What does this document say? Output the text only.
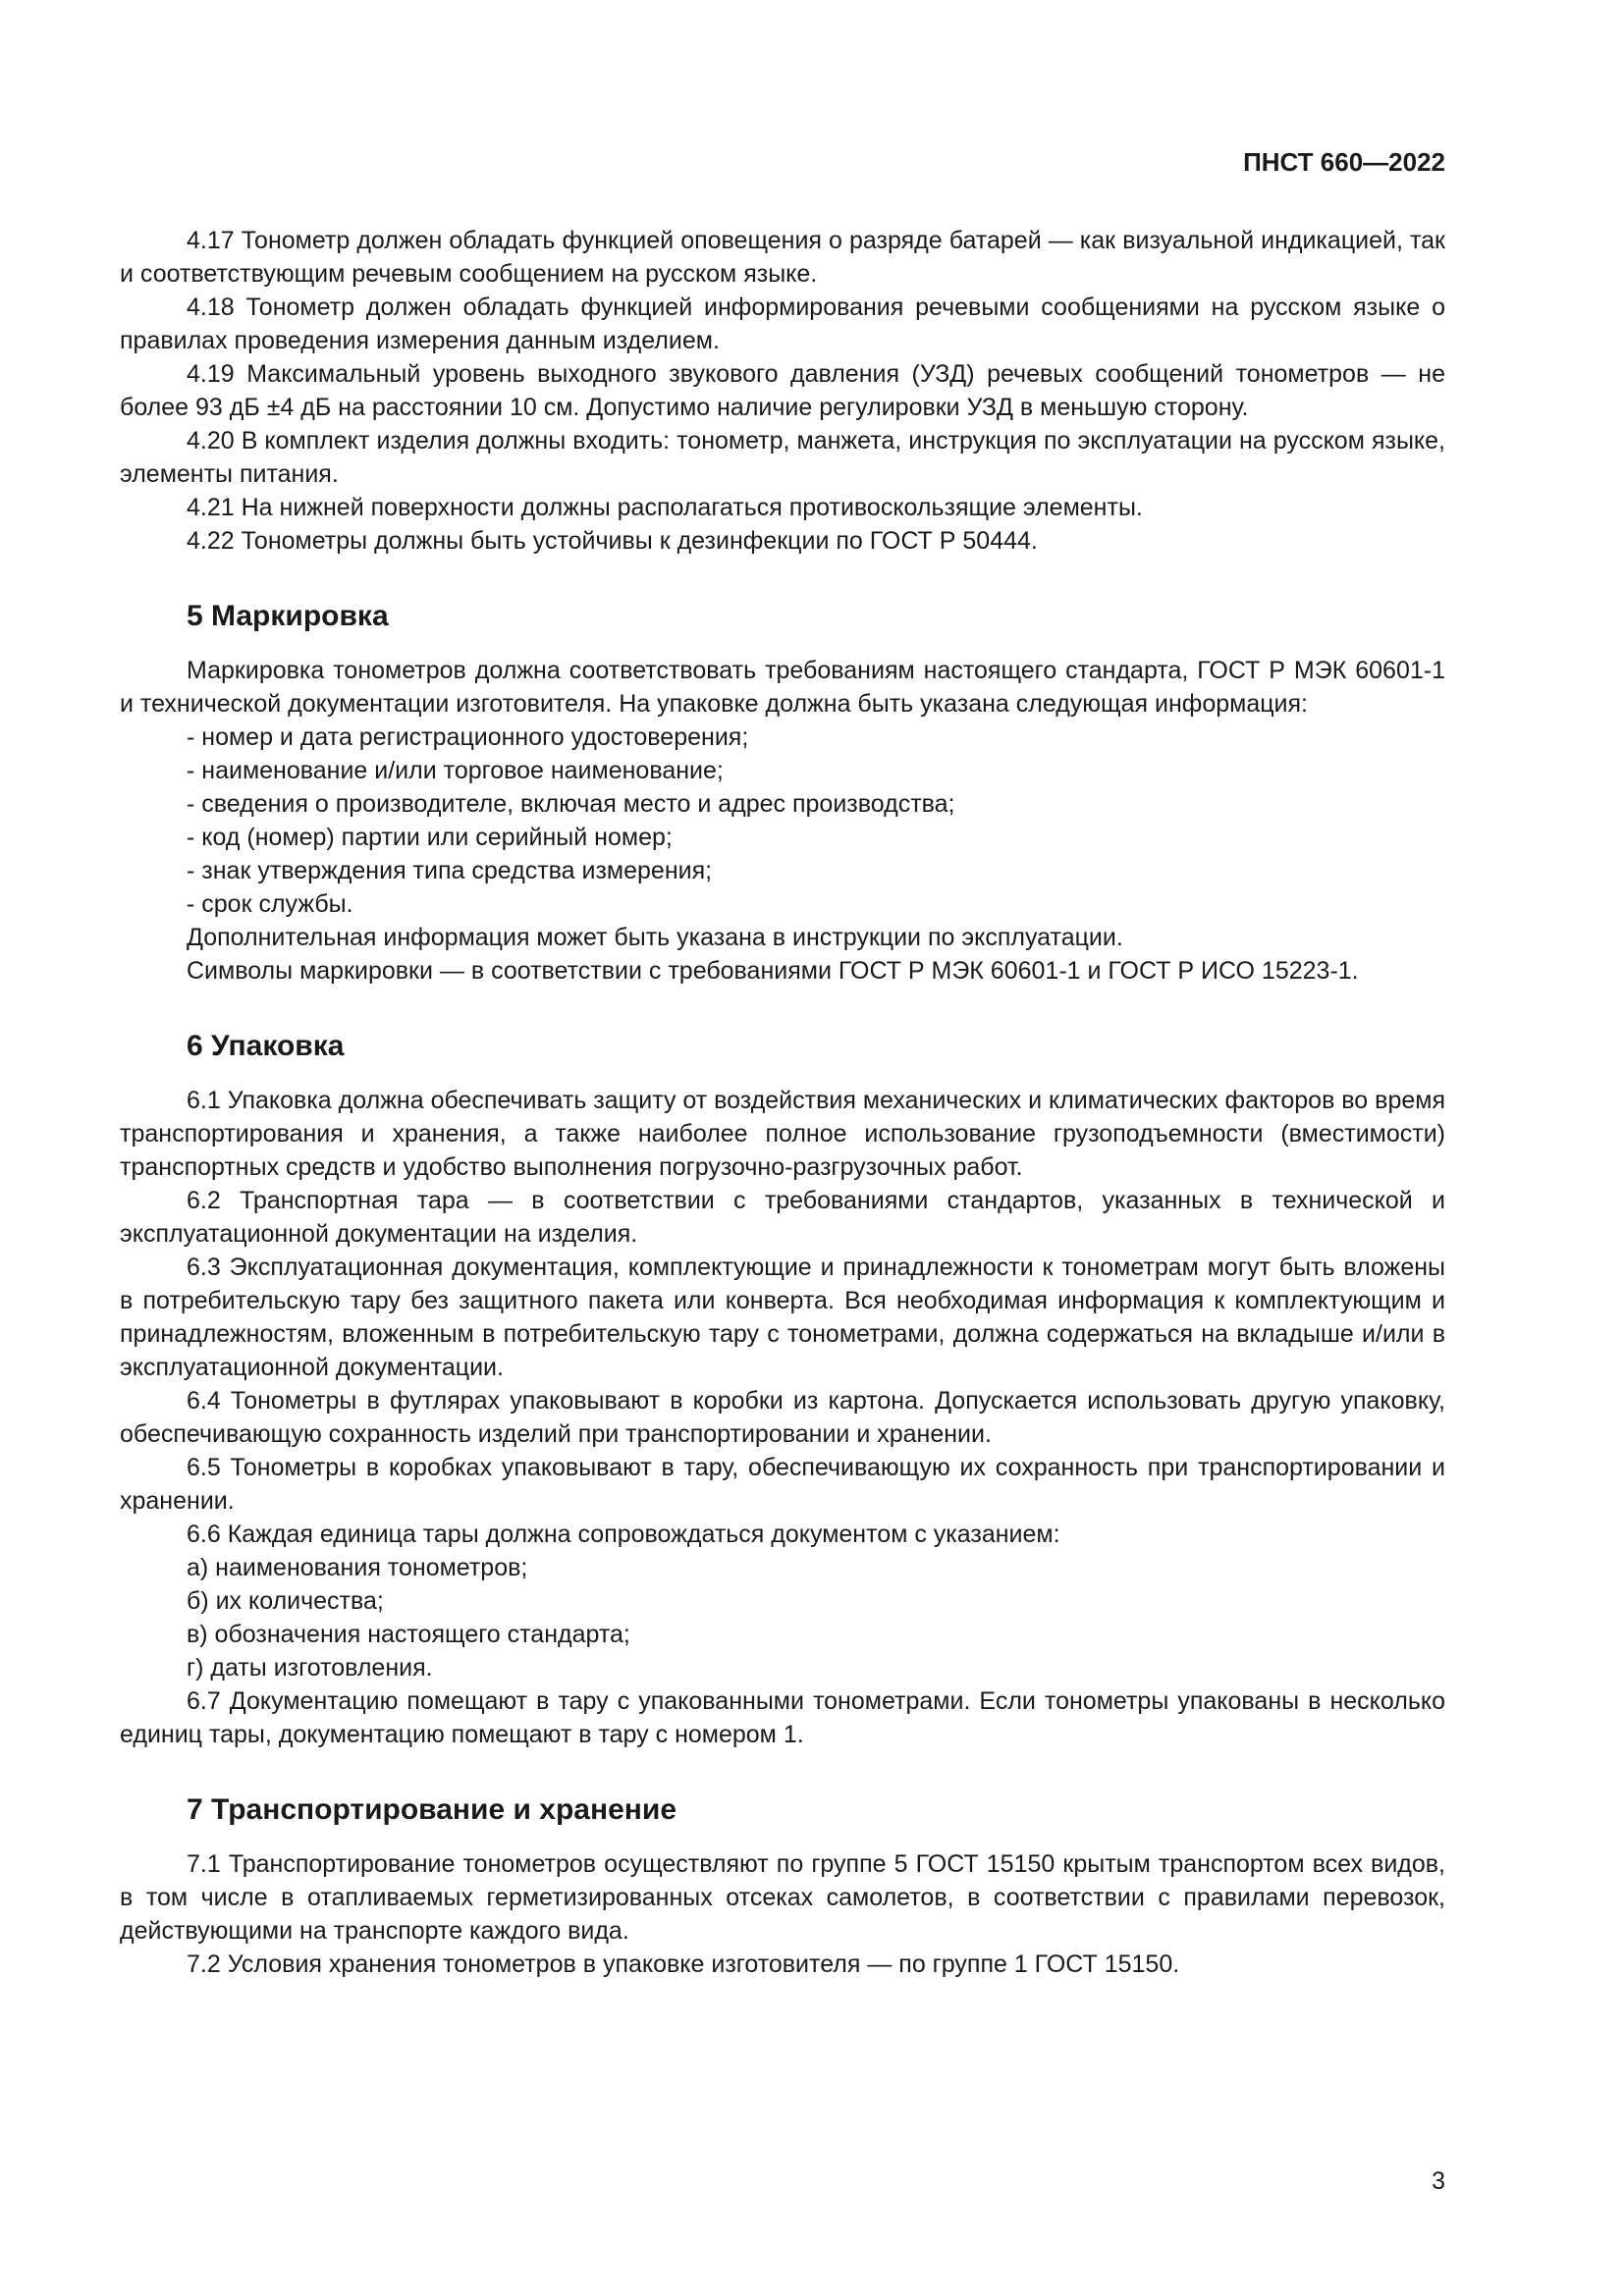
ПНСТ 660—2022

4.17 Тонометр должен обладать функцией оповещения о разряде батарей — как визуальной индикацией, так и соответствующим речевым сообщением на русском языке.

4.18 Тонометр должен обладать функцией информирования речевыми сообщениями на русском языке о правилах проведения измерения данным изделием.

4.19 Максимальный уровень выходного звукового давления (УЗД) речевых сообщений тонометров — не более 93 дБ ±4 дБ на расстоянии 10 см. Допустимо наличие регулировки УЗД в меньшую сторону.

4.20 В комплект изделия должны входить: тонометр, манжета, инструкция по эксплуатации на русском языке, элементы питания.

4.21 На нижней поверхности должны располагаться противоскользящие элементы.

4.22 Тонометры должны быть устойчивы к дезинфекции по ГОСТ Р 50444.

5 Маркировка

Маркировка тонометров должна соответствовать требованиям настоящего стандарта, ГОСТ Р МЭК 60601-1 и технической документации изготовителя. На упаковке должна быть указана следующая информация:

- номер и дата регистрационного удостоверения;

- наименование и/или торговое наименование;

- сведения о производителе, включая место и адрес производства;

- код (номер) партии или серийный номер;

- знак утверждения типа средства измерения;

- срок службы.

Дополнительная информация может быть указана в инструкции по эксплуатации.

Символы маркировки — в соответствии с требованиями ГОСТ Р МЭК 60601-1 и ГОСТ Р ИСО 15223-1.

6 Упаковка

6.1 Упаковка должна обеспечивать защиту от воздействия механических и климатических факторов во время транспортирования и хранения, а также наиболее полное использование грузоподъемности (вместимости) транспортных средств и удобство выполнения погрузочно-разгрузочных работ.

6.2 Транспортная тара — в соответствии с требованиями стандартов, указанных в технической и эксплуатационной документации на изделия.

6.3 Эксплуатационная документация, комплектующие и принадлежности к тонометрам могут быть вложены в потребительскую тару без защитного пакета или конверта. Вся необходимая информация к комплектующим и принадлежностям, вложенным в потребительскую тару с тонометрами, должна содержаться на вкладыше и/или в эксплуатационной документации.

6.4 Тонометры в футлярах упаковывают в коробки из картона. Допускается использовать другую упаковку, обеспечивающую сохранность изделий при транспортировании и хранении.

6.5 Тонометры в коробках упаковывают в тару, обеспечивающую их сохранность при транспортировании и хранении.

6.6 Каждая единица тары должна сопровождаться документом с указанием:

а) наименования тонометров;

б) их количества;

в) обозначения настоящего стандарта;

г) даты изготовления.

6.7 Документацию помещают в тару с упакованными тонометрами. Если тонометры упакованы в несколько единиц тары, документацию помещают в тару с номером 1.

7 Транспортирование и хранение

7.1 Транспортирование тонометров осуществляют по группе 5 ГОСТ 15150 крытым транспортом всех видов, в том числе в отапливаемых герметизированных отсеках самолетов, в соответствии с правилами перевозок, действующими на транспорте каждого вида.

7.2 Условия хранения тонометров в упаковке изготовителя — по группе 1 ГОСТ 15150.

3
